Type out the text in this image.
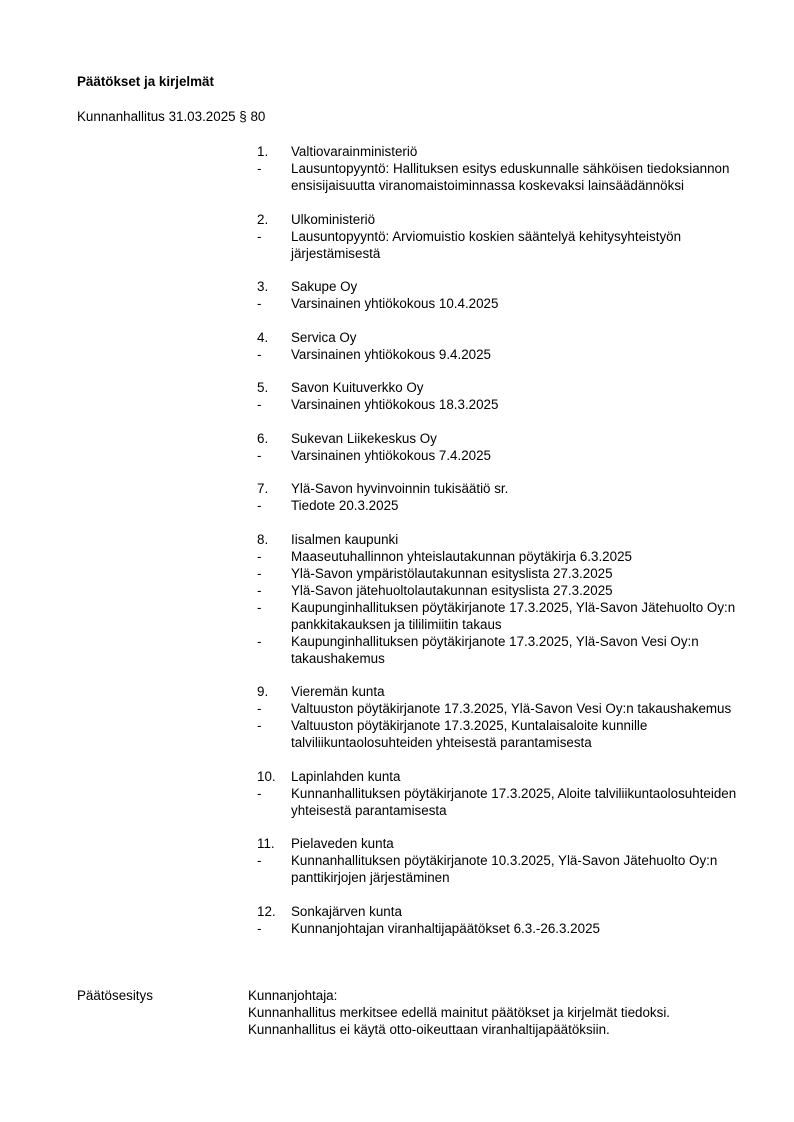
Päätökset ja kirjelmät
Kunnanhallitus 31.03.2025 § 80
1.	Valtiovarainministeriö
-	Lausuntopyyntö: Hallituksen esitys eduskunnalle sähköisen tiedoksiannon ensisijaisuutta viranomaistoiminnassa koskevaksi lainsäädännöksi
2.	Ulkoministeriö
-	Lausuntopyyntö: Arviomuistio koskien sääntelyä kehitysyhteistyön järjestämisestä
3.	Sakupe Oy
-	Varsinainen yhtiökokous 10.4.2025
4.	Servica Oy
-	Varsinainen yhtiökokous 9.4.2025
5.	Savon Kuituverkko Oy
-	Varsinainen yhtiökokous 18.3.2025
6.	Sukevan Liikekeskus Oy
-	Varsinainen yhtiökokous 7.4.2025
7.	Ylä-Savon hyvinvoinnin tukisäätiö sr.
-	Tiedote 20.3.2025
8.	Iisalmen kaupunki
-	Maaseutuhallinnon yhteislautakunnan pöytäkirja 6.3.2025
-	Ylä-Savon ympäristölautakunnan esityslista 27.3.2025
-	Ylä-Savon jätehuoltolautakunnan esityslista 27.3.2025
-	Kaupunginhallituksen pöytäkirjanote 17.3.2025, Ylä-Savon Jätehuolto Oy:n pankkitakauksen ja tililimiitin takaus
-	Kaupunginhallituksen pöytäkirjanote 17.3.2025, Ylä-Savon Vesi Oy:n takaushakemus
9.	Vieremän kunta
-	Valtuuston pöytäkirjanote 17.3.2025, Ylä-Savon Vesi Oy:n takaushakemus
-	Valtuuston pöytäkirjanote 17.3.2025, Kuntalaisaloite kunnille talviliikuntaolosuhteiden yhteisestä parantamisesta
10.	Lapinlahden kunta
-	Kunnanhallituksen pöytäkirjanote 17.3.2025, Aloite talviliikuntaolosuhteiden yhteisestä parantamisesta
11.	Pielaveden kunta
-	Kunnanhallituksen pöytäkirjanote 10.3.2025, Ylä-Savon Jätehuolto Oy:n panttikirjojen järjestäminen
12.	Sonkajärven kunta
-	Kunnanjohtajan viranhaltijapäätökset 6.3.-26.3.2025
Päätösesitys	Kunnanjohtaja:
Kunnanhallitus merkitsee edellä mainitut päätökset ja kirjelmät tiedoksi.
Kunnanhallitus ei käytä otto-oikeuttaan viranhaltijapäätöksiin.
